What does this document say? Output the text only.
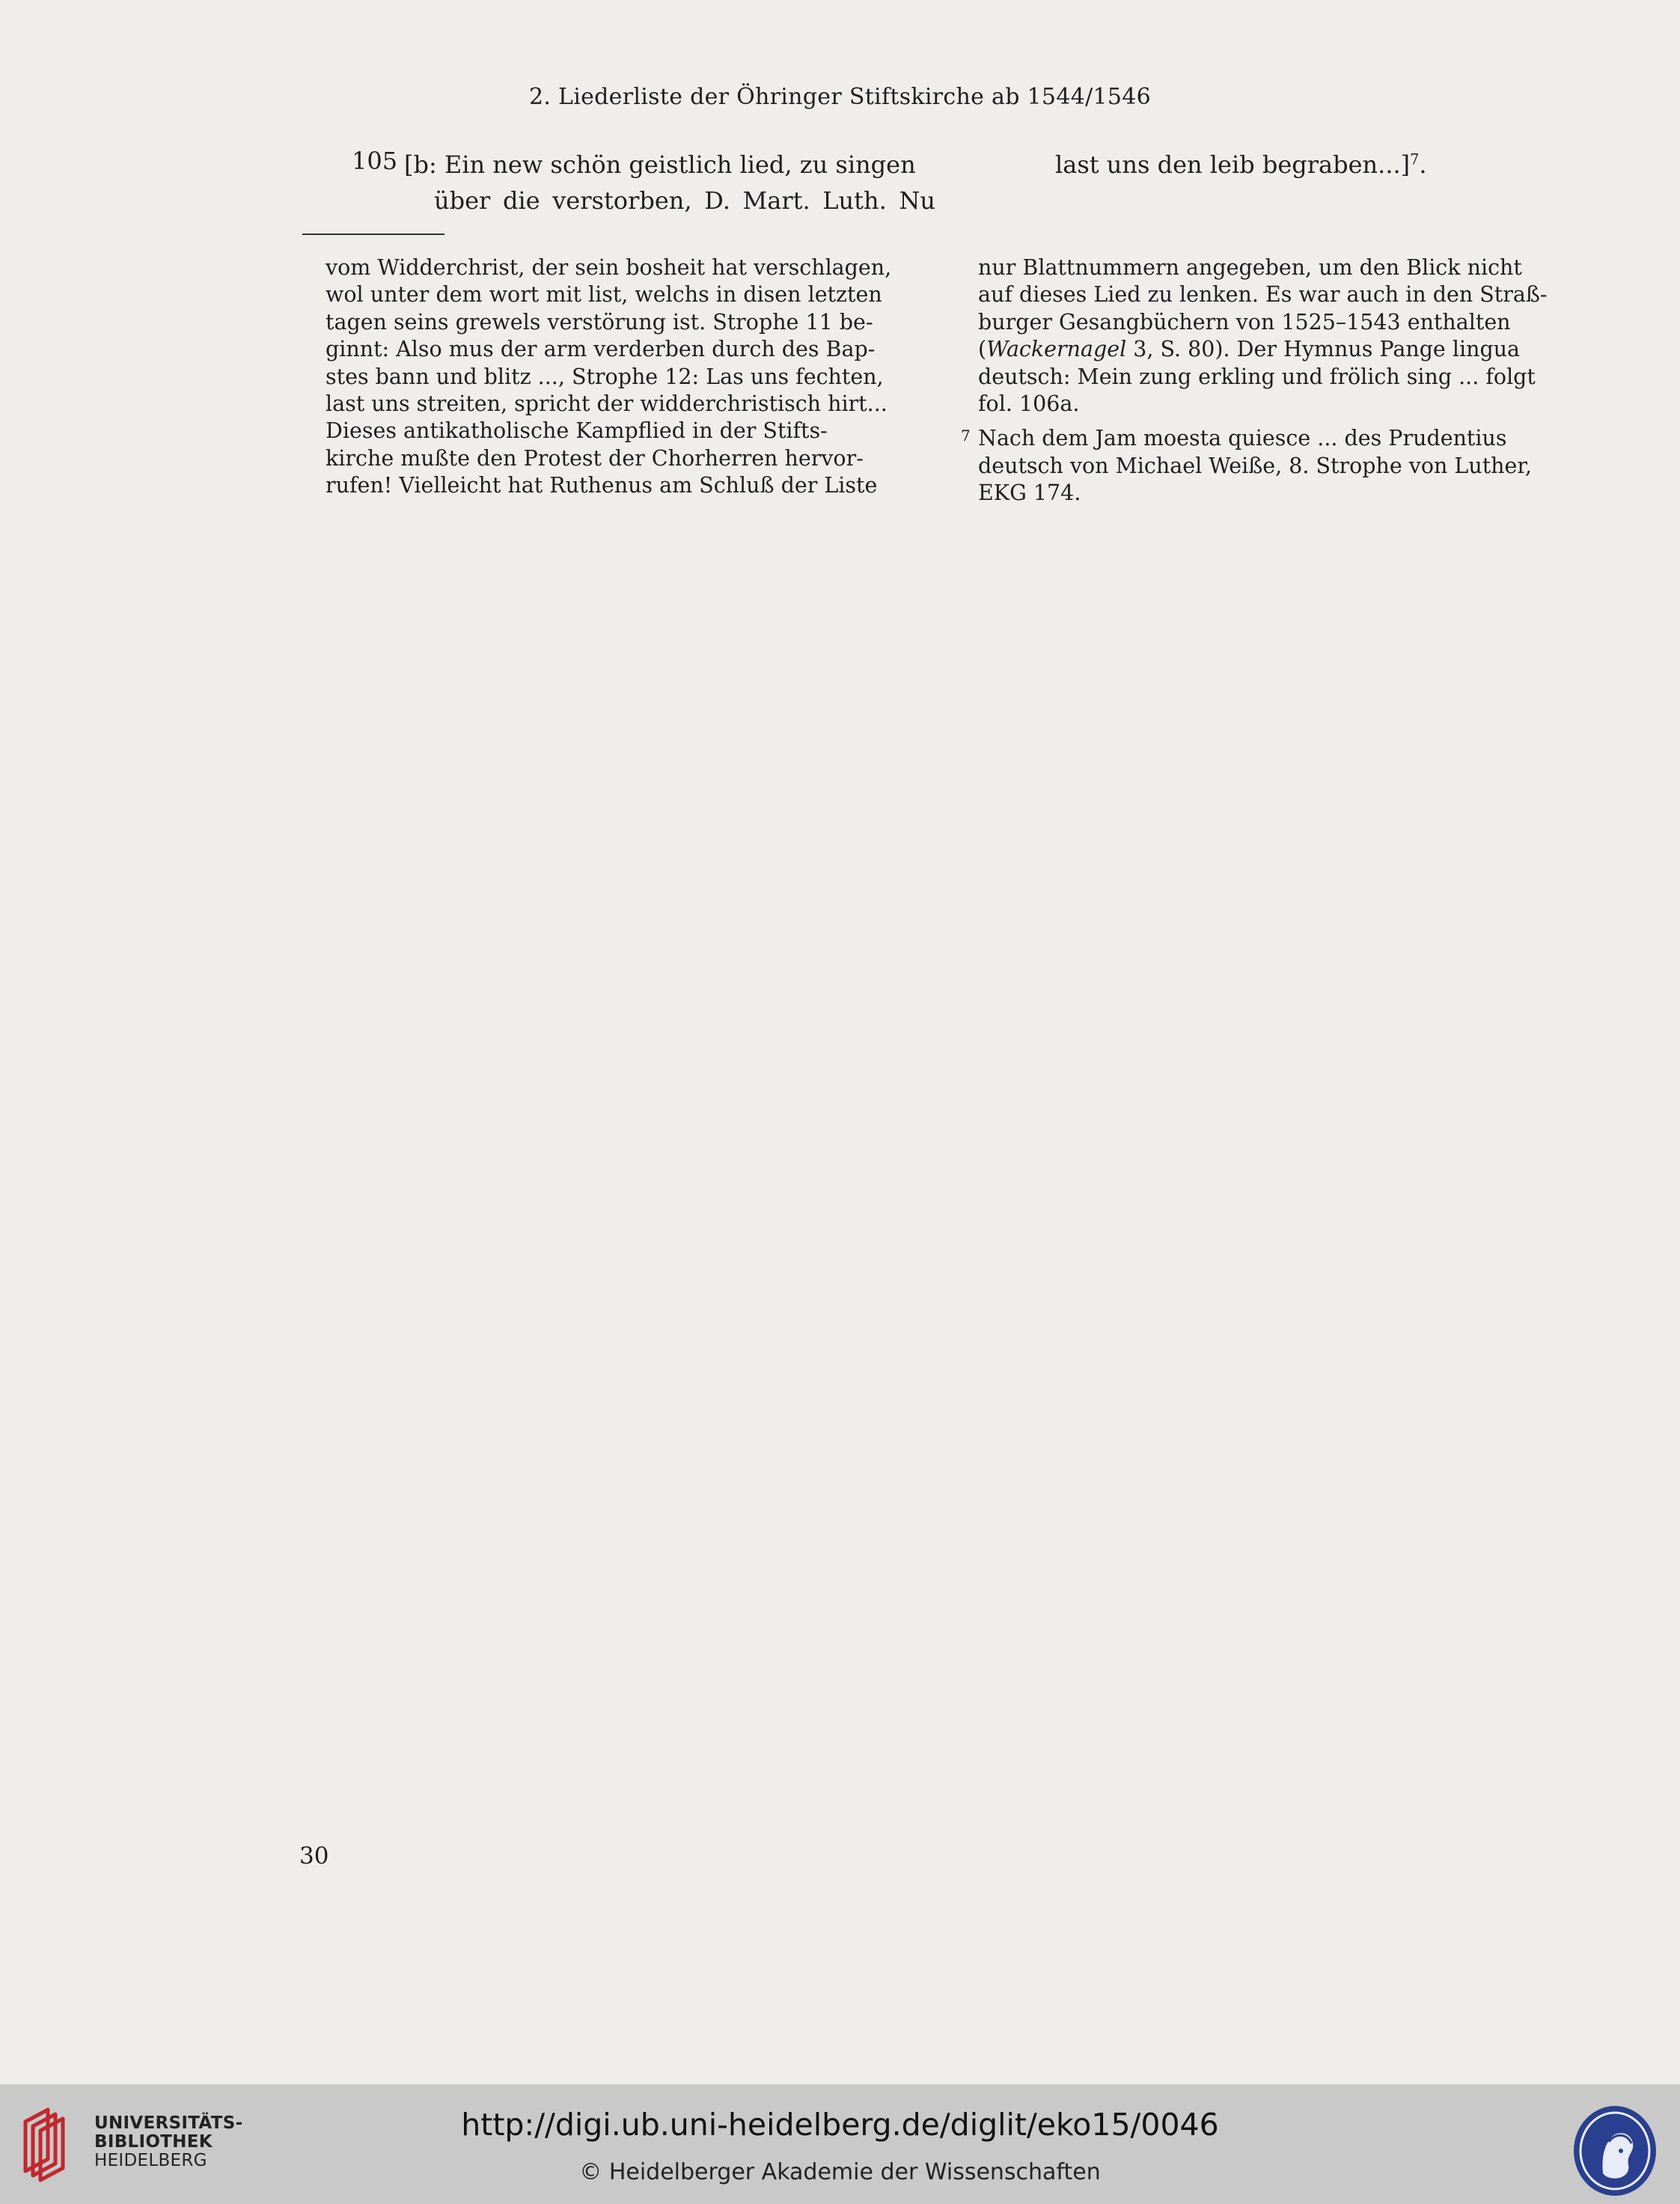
2. Liederliste der Öhringer Stiftskirche ab 1544/1546
105 [b: Ein new schön geistlich lied, zu singen
über die verstorben, D. Mart. Luth. Nu
last uns den leib begraben...]$^7$.
vom Widderchrist, der sein bosheit hat verschlagen,
wol unter dem wort mit list, welchs in disen letzten
tagen seins grewels verstörung ist. Strophe 11 be-
ginnt: Also mus der arm verderben durch des Bap-
stes bann und blitz ..., Strophe 12: Las uns fechten,
last uns streiten, spricht der widderchristisch hirt...
Dieses antikatholische Kampflied in der Stifts-
kirche mußte den Protest der Chorherren hervor-
rufen! Vielleicht hat Ruthenus am Schluß der Liste

nur Blattnummern angegeben, um den Blick nicht

auf dieses Lied zu lenken. Es war auch in den Straß-

burger Gesangbüchern von 1525–1543 enthalten

(Wackernagel 3, S. 80). Der Hymnus Pange lingua

deutsch: Mein zung erkling und frölich sing ... folgt

fol. 106a.

7 Nach dem Jam moesta quiesce ... des Prudentius

deutsch von Michael Weiße, 8. Strophe von Luther,

EKG 174.

30
UNIVERSITÄTS-
BIBLIOTHEK
HEIDELBERG
http://digi.ub.uni-heidelberg.de/diglit/eko15/0046
© Heidelberger Akademie der Wissenschaften
